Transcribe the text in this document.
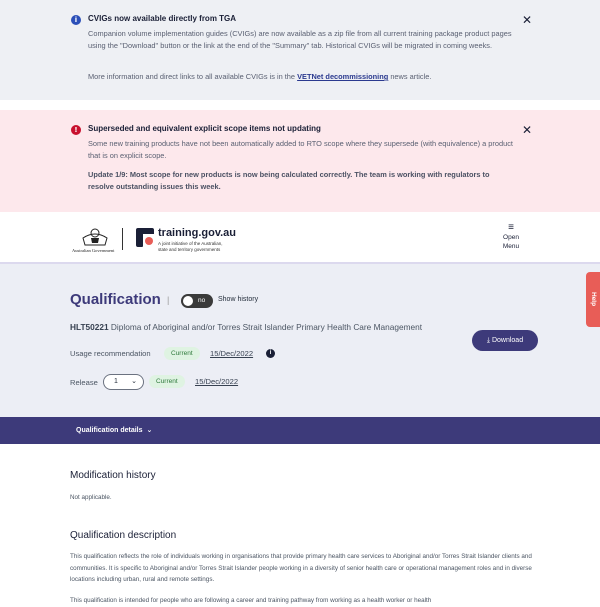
i	CVIGs now available directly from TGA
Companion volume implementation guides (CVIGs) are now available as a zip file from all current training package product pages using the "Download" button or the link at the end of the "Summary" tab. Historical CVIGs will be migrated in coming weeks.
More information and direct links to all available CVIGs is in the VETNet decommissioning news article.
✕
!	Superseded and equivalent explicit scope items not updating
Some new training products have not been automatically added to RTO scope where they supersede (with equivalence) a product that is on explicit scope.
Update 1/9: Most scope for new products is now being calculated correctly. The team is working with regulators to resolve outstanding issues this week.
✕
Australian Government
training.gov.au
A joint initiative of the Australian, state and territory governments
≡
Open Menu
Qualification |	no Show history
HLT50221 Diploma of Aboriginal and/or Torres Strait Islander Primary Health Care Management
⤓ Download
Usage recommendation	Current	15/Dec/2022	i
Release 1 ⌄	Current	15/Dec/2022
Qualification details ⌄
Modification history
Not applicable.
Qualification description
This qualification reflects the role of individuals working in organisations that provide primary health care services to Aboriginal and/or Torres Strait Islander clients and communities. It is specific to Aboriginal and/or Torres Strait Islander people working in a diversity of senior health care or operational management roles and in diverse locations including urban, rural and remote settings.
This qualification is intended for people who are following a career and training pathway from working as a health worker or health
Help
